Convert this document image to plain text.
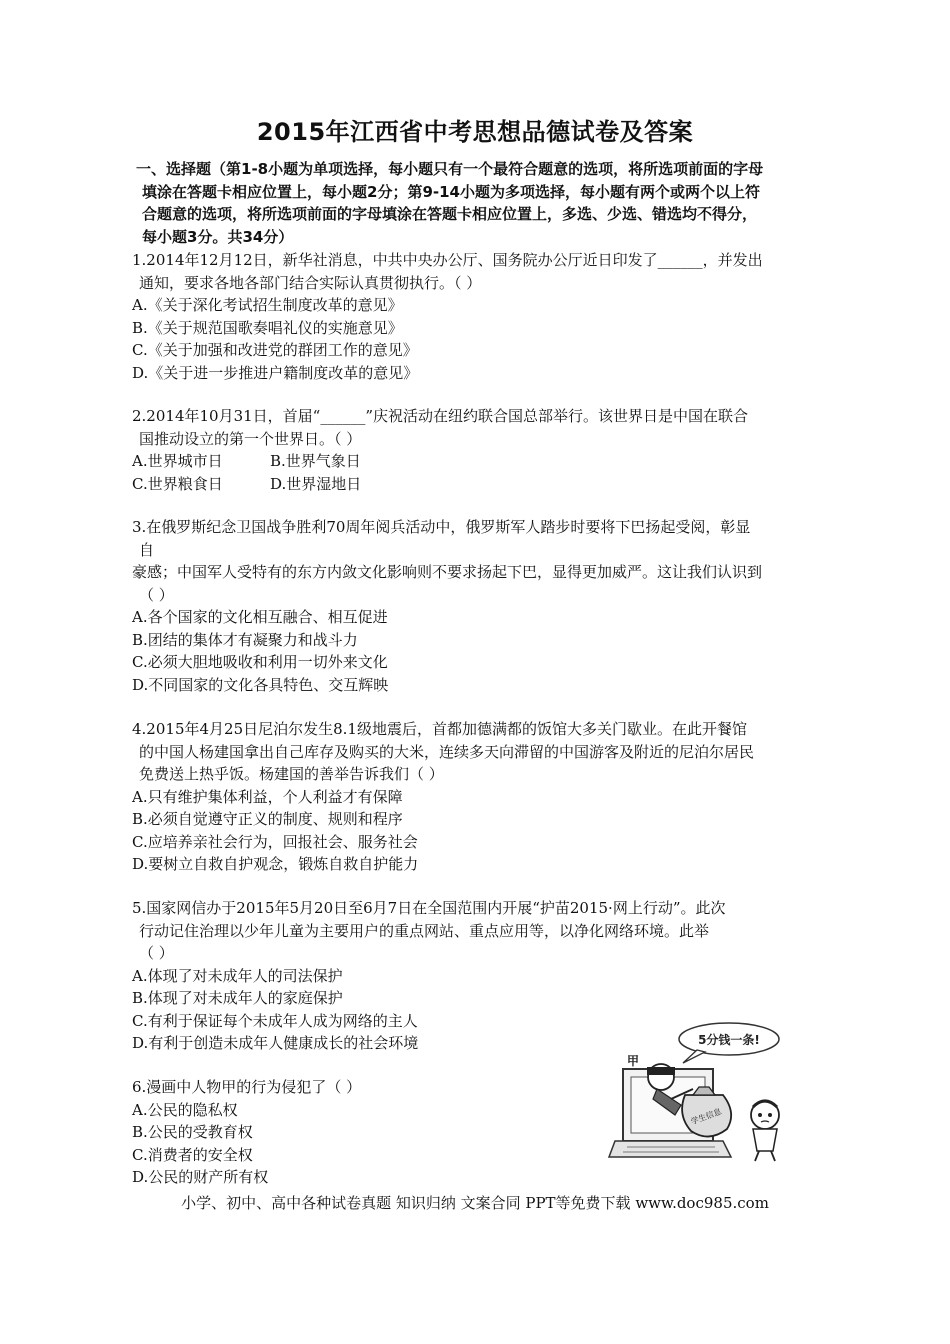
2015年江西省中考思想品德试卷及答案
一、选择题（第1-8小题为单项选择，每小题只有一个最符合题意的选项，将所选项前面的字母
填涂在答题卡相应位置上，每小题2分；第9-14小题为多项选择，每小题有两个或两个以上符
合题意的选项，将所选项前面的字母填涂在答题卡相应位置上，多选、少选、错选均不得分，
每小题3分。共34分）
1.2014年12月12日，新华社消息，中共中央办公厅、国务院办公厅近日印发了______，并发出
通知，要求各地各部门结合实际认真贯彻执行。（ ）
A.《关于深化考试招生制度改革的意见》
B.《关于规范国歌奏唱礼仪的实施意见》
C.《关于加强和改进党的群团工作的意见》
D.《关于进一步推进户籍制度改革的意见》
2.2014年10月31日，首届“______”庆祝活动在纽约联合国总部举行。该世界日是中国在联合
国推动设立的第一个世界日。（ ）
A.世界城市日	B.世界气象日
C.世界粮食日	D.世界湿地日
3.在俄罗斯纪念卫国战争胜利70周年阅兵活动中，俄罗斯军人踏步时要将下巴扬起受阅，彰显
自
豪感；中国军人受特有的东方内敛文化影响则不要求扬起下巴，显得更加威严。这让我们认识到
（ ）
A.各个国家的文化相互融合、相互促进
B.团结的集体才有凝聚力和战斗力
C.必须大胆地吸收和利用一切外来文化
D.不同国家的文化各具特色、交互辉映
4.2015年4月25日尼泊尔发生8.1级地震后，首都加德满都的饭馆大多关门歇业。在此开餐馆
的中国人杨建国拿出自己库存及购买的大米，连续多天向滞留的中国游客及附近的尼泊尔居民
免费送上热乎饭。杨建国的善举告诉我们（ ）
A.只有维护集体利益，个人利益才有保障
B.必须自觉遵守正义的制度、规则和程序
C.应培养亲社会行为，回报社会、服务社会
D.要树立自救自护观念，锻炼自救自护能力
5.国家网信办于2015年5月20日至6月7日在全国范围内开展“护苗2015·网上行动”。此次
行动记住治理以少年儿童为主要用户的重点网站、重点应用等，以净化网络环境。此举
（ ）
A.体现了对未成年人的司法保护
B.体现了对未成年人的家庭保护
C.有利于保证每个未成年人成为网络的主人
D.有利于创造未成年人健康成长的社会环境
6.漫画中人物甲的行为侵犯了（ ）
A.公民的隐私权
B.公民的受教育权
C.消费者的安全权
D.公民的财产所有权
5分钱一条!
甲
学生信息
小学、初中、高中各种试卷真题 知识归纳 文案合同 PPT等免费下载 www.doc985.com
